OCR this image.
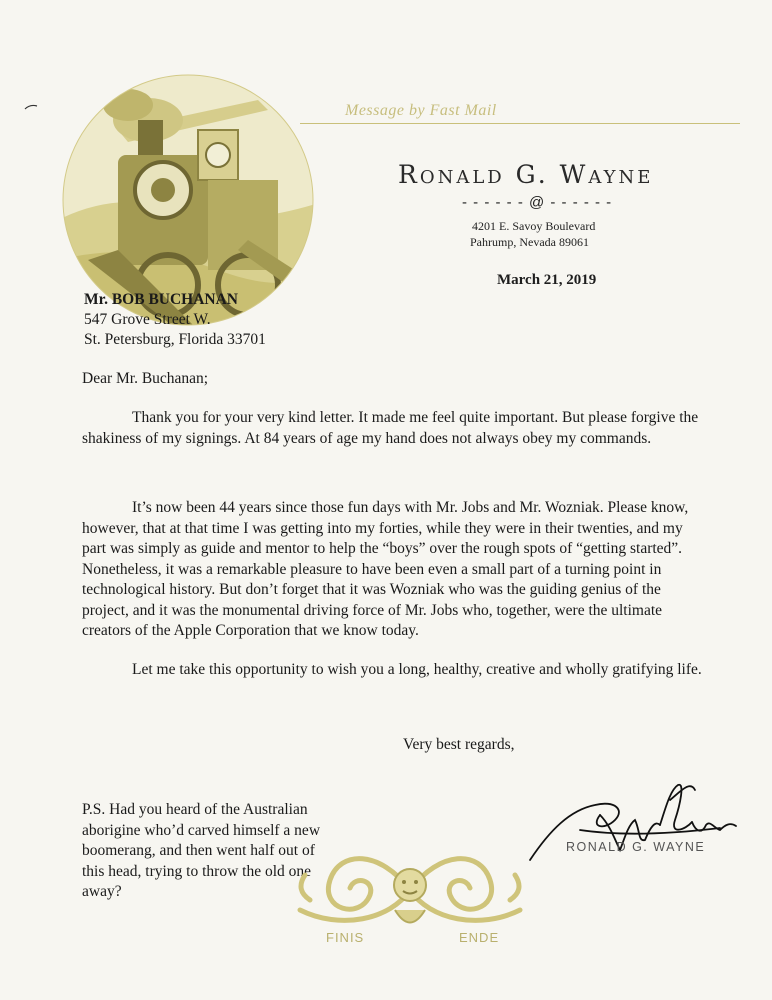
Message by Fast Mail
Ronald G. Wayne
- - - - - - @ - - - - - -
4201 E. Savoy Boulevard
Pahrump, Nevada 89061
March 21, 2019
Mr. BOB BUCHANAN
547 Grove Street W.
St. Petersburg, Florida 33701
Dear Mr. Buchanan;
Thank you for your very kind letter. It made me feel quite important. But please forgive the shakiness of my signings. At 84 years of age my hand does not always obey my commands.
It’s now been 44 years since those fun days with Mr. Jobs and Mr. Wozniak. Please know, however, that at that time I was getting into my forties, while they were in their twenties, and my part was simply as guide and mentor to help the “boys” over the rough spots of “getting started”. Nonetheless, it was a remarkable pleasure to have been even a small part of a turning point in technological history. But don’t forget that it was Wozniak who was the guiding genius of the project, and it was the monumental driving force of Mr. Jobs who, together, were the ultimate creators of the Apple Corporation that we know today.
Let me take this opportunity to wish you a long, healthy, creative and wholly gratifying life.
Very best regards,
P.S. Had you heard of the Australian aborigine who’d carved himself a new boomerang, and then went half out of this head, trying to throw the old one away?
FINIS	ENDE
RONALD G. WAYNE
